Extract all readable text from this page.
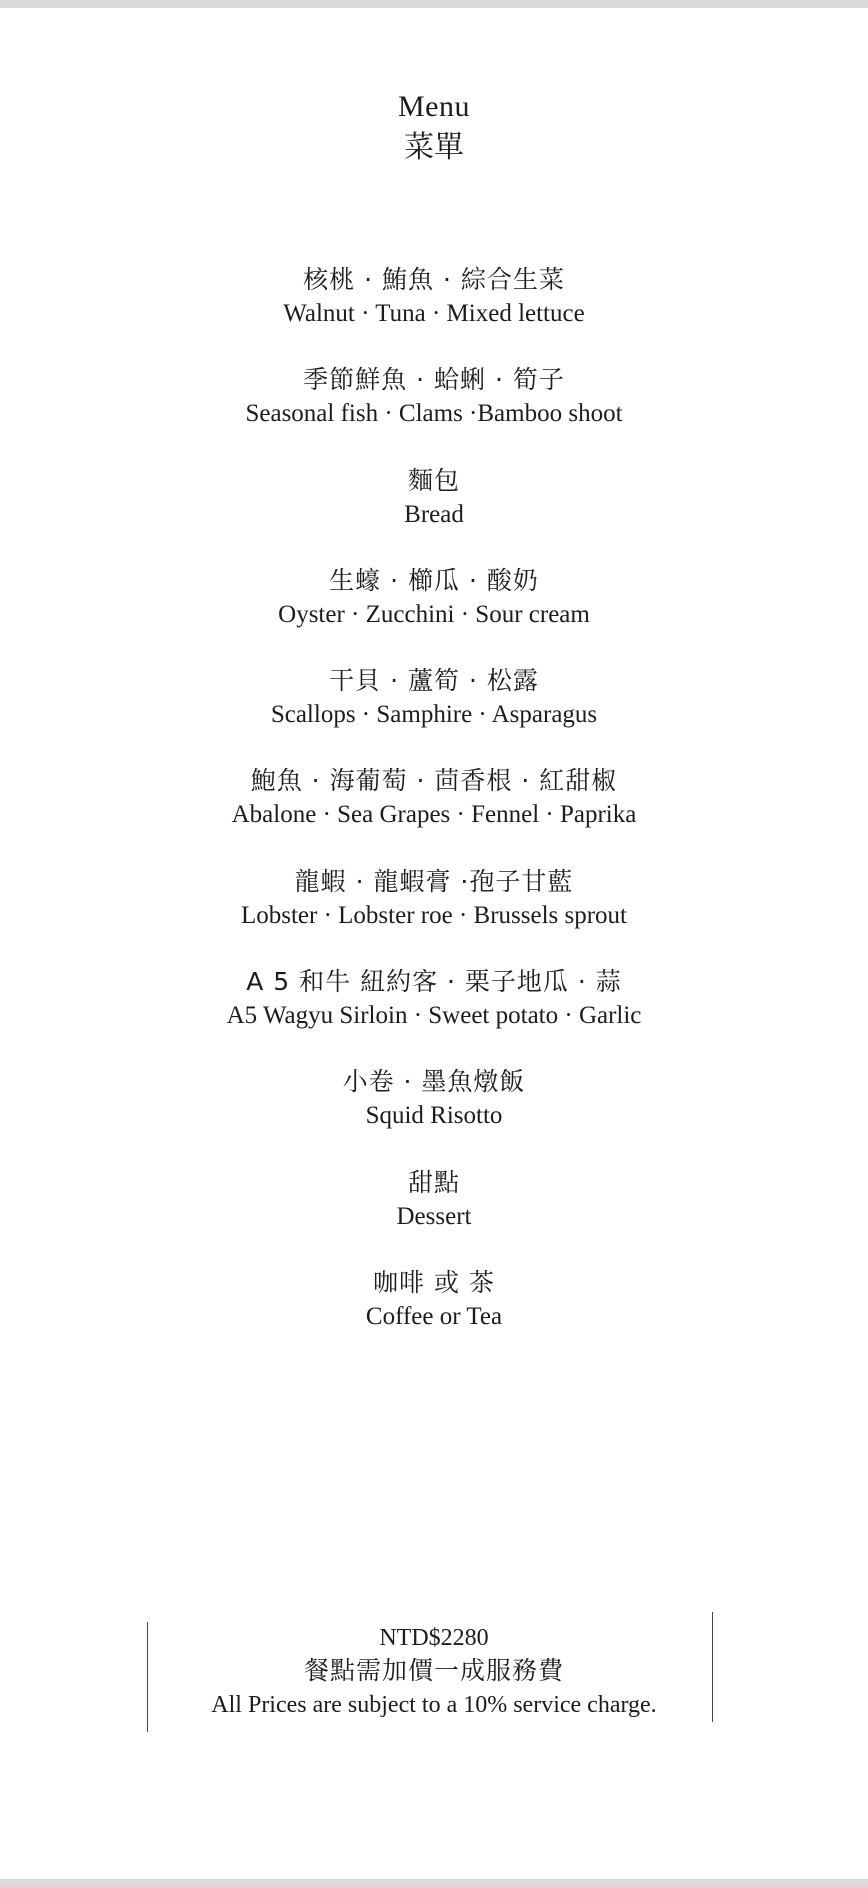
Menu
菜單
核桃 · 鮪魚 · 綜合生菜
Walnut · Tuna · Mixed lettuce
季節鮮魚 · 蛤蜊 · 筍子
Seasonal fish · Clams ·Bamboo shoot
麵包
Bread
生蠔 · 櫛瓜 · 酸奶
Oyster · Zucchini · Sour cream
干貝 · 蘆筍 · 松露
Scallops · Samphire · Asparagus
鮑魚 · 海葡萄 · 茴香根 · 紅甜椒
Abalone · Sea Grapes · Fennel · Paprika
龍蝦 · 龍蝦膏 ·孢子甘藍
Lobster · Lobster roe · Brussels sprout
A 5 和牛 紐約客 · 栗子地瓜 · 蒜
A5 Wagyu Sirloin · Sweet potato · Garlic
小卷 · 墨魚燉飯
Squid Risotto
甜點
Dessert
咖啡 或 茶
Coffee or Tea
NTD$2280
餐點需加價一成服務費
All Prices are subject to a 10% service charge.
